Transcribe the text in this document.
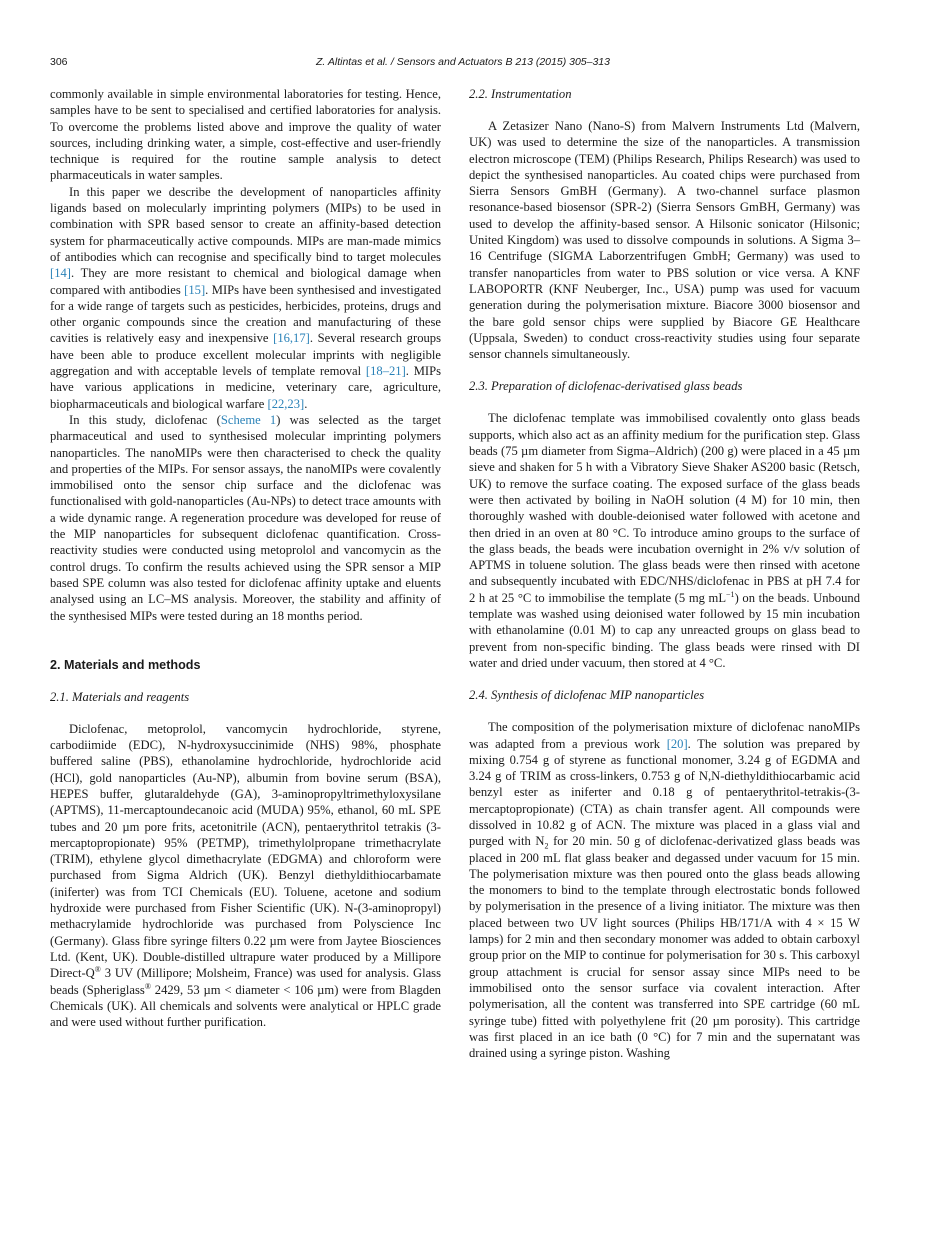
306	Z. Altintas et al. / Sensors and Actuators B 213 (2015) 305–313

commonly available in simple environmental laboratories for testing. Hence, samples have to be sent to specialised and certified laboratories for analysis. To overcome the problems listed above and improve the quality of water sources, including drinking water, a simple, cost-effective and user-friendly technique is required for the routine sample analysis to detect pharmaceuticals in water samples.

In this paper we describe the development of nanoparticles affinity ligands based on molecularly imprinting polymers (MIPs) to be used in combination with SPR based sensor to create an affinity-based detection system for pharmaceutically active compounds. MIPs are man-made mimics of antibodies which can recognise and specifically bind to target molecules [14]. They are more resistant to chemical and biological damage when compared with antibodies [15]. MIPs have been synthesised and investigated for a wide range of targets such as pesticides, herbicides, proteins, drugs and other organic compounds since the creation and manufacturing of these cavities is relatively easy and inexpensive [16,17]. Several research groups have been able to produce excellent molecular imprints with negligible aggregation and with acceptable levels of template removal [18–21]. MIPs have various applications in medicine, veterinary care, agriculture, biopharmaceuticals and biological warfare [22,23].

In this study, diclofenac (Scheme 1) was selected as the target pharmaceutical and used to synthesised molecular imprinting polymers nanoparticles. The nanoMIPs were then characterised to check the quality and properties of the MIPs. For sensor assays, the nanoMIPs were covalently immobilised onto the sensor chip surface and the diclofenac was functionalised with gold-nanoparticles (Au-NPs) to detect trace amounts with a wide dynamic range. A regeneration procedure was developed for reuse of the MIP nanoparticles for subsequent diclofenac quantification. Cross-reactivity studies were conducted using metoprolol and vancomycin as the control drugs. To confirm the results achieved using the SPR sensor a MIP based SPE column was also tested for diclofenac affinity uptake and eluents analysed using an LC–MS analysis. Moreover, the stability and affinity of the synthesised MIPs were tested during an 18 months period.

2. Materials and methods
2.1. Materials and reagents

Diclofenac, metoprolol, vancomycin hydrochloride, styrene, carbodiimide (EDC), N-hydroxysuccinimide (NHS) 98%, phosphate buffered saline (PBS), ethanolamine hydrochloride, hydrochloride acid (HCl), gold nanoparticles (Au-NP), albumin from bovine serum (BSA), HEPES buffer, glutaraldehyde (GA), 3-aminopropyltrimethyloxysilane (APTMS), 11-mercaptoundecanoic acid (MUDA) 95%, ethanol, 60 mL SPE tubes and 20 µm pore frits, acetonitrile (ACN), pentaerythritol tetrakis (3-mercaptopropionate) 95% (PETMP), trimethylolpropane trimethacrylate (TRIM), ethylene glycol dimethacrylate (EDGMA) and chloroform were purchased from Sigma Aldrich (UK). Benzyl diethyldithiocarbamate (iniferter) was from TCI Chemicals (EU). Toluene, acetone and sodium hydroxide were purchased from Fisher Scientific (UK). N-(3-aminopropyl) methacrylamide hydrochloride was purchased from Polyscience Inc (Germany). Glass fibre syringe filters 0.22 µm were from Jaytee Biosciences Ltd. (Kent, UK). Double-distilled ultrapure water produced by a Millipore Direct-Q® 3 UV (Millipore; Molsheim, France) was used for analysis. Glass beads (Spheriglass® 2429, 53 µm < diameter < 106 µm) were from Blagden Chemicals (UK). All chemicals and solvents were analytical or HPLC grade and were used without further purification.

2.2. Instrumentation

A Zetasizer Nano (Nano-S) from Malvern Instruments Ltd (Malvern, UK) was used to determine the size of the nanoparticles. A transmission electron microscope (TEM) (Philips Research, Philips Research) was used to depict the synthesised nanoparticles. Au coated chips were purchased from Sierra Sensors GmBH (Germany). A two-channel surface plasmon resonance-based biosensor (SPR-2) (Sierra Sensors GmBH, Germany) was used to develop the affinity-based sensor. A Hilsonic sonicator (Hilsonic; United Kingdom) was used to dissolve compounds in solutions. A Sigma 3–16 Centrifuge (SIGMA Laborzentrifugen GmbH; Germany) was used to transfer nanoparticles from water to PBS solution or vice versa. A KNF LABOPORTR (KNF Neuberger, Inc., USA) pump was used for vacuum generation during the polymerisation mixture. Biacore 3000 biosensor and the bare gold sensor chips were supplied by Biacore GE Healthcare (Uppsala, Sweden) to conduct cross-reactivity studies using four separate sensor channels simultaneously.

2.3. Preparation of diclofenac-derivatised glass beads

The diclofenac template was immobilised covalently onto glass beads supports, which also act as an affinity medium for the purification step. Glass beads (75 µm diameter from Sigma–Aldrich) (200 g) were placed in a 45 µm sieve and shaken for 5 h with a Vibratory Sieve Shaker AS200 basic (Retsch, UK) to remove the surface coating. The exposed surface of the glass beads were then activated by boiling in NaOH solution (4 M) for 10 min, then thoroughly washed with double-deionised water followed with acetone and then dried in an oven at 80 °C. To introduce amino groups to the surface of the glass beads, the beads were incubation overnight in 2% v/v solution of APTMS in toluene solution. The glass beads were then rinsed with acetone and subsequently incubated with EDC/NHS/diclofenac in PBS at pH 7.4 for 2 h at 25 °C to immobilise the template (5 mg $mL^{-1}$) on the beads. Unbound template was washed using deionised water followed by 15 min incubation with ethanolamine (0.01 M) to cap any unreacted groups on glass bead to prevent from non-specific binding. The glass beads were rinsed with DI water and dried under vacuum, then stored at 4 °C.

2.4. Synthesis of diclofenac MIP nanoparticles

The composition of the polymerisation mixture of diclofenac nanoMIPs was adapted from a previous work [20]. The solution was prepared by mixing 0.754 g of styrene as functional monomer, 3.24 g of EGDMA and 3.24 g of TRIM as cross-linkers, 0.753 g of N,N-diethyldithiocarbamic acid benzyl ester as iniferter and 0.18 g of pentaerythritol-tetrakis-(3-mercaptopropionate) (CTA) as chain transfer agent. All compounds were dissolved in 10.82 g of ACN. The mixture was placed in a glass vial and purged with $N_2$ for 20 min. 50 g of diclofenac-derivatized glass beads was placed in 200 mL flat glass beaker and degassed under vacuum for 15 min. The polymerisation mixture was then poured onto the glass beads allowing the monomers to bind to the template through electrostatic bonds followed by polymerisation in the presence of a living initiator. The mixture was then placed between two UV light sources (Philips HB/171/A with 4 × 15 W lamps) for 2 min and then secondary monomer was added to obtain carboxyl group prior on the MIP to continue for polymerisation for 30 s. This carboxyl group attachment is crucial for sensor assay since MIPs need to be immobilised onto the sensor surface via covalent interaction. After polymerisation, all the content was transferred into SPE cartridge (60 mL syringe tube) fitted with polyethylene frit (20 µm porosity). This cartridge was first placed in an ice bath (0 °C) for 7 min and the supernatant was drained using a syringe piston. Washing
